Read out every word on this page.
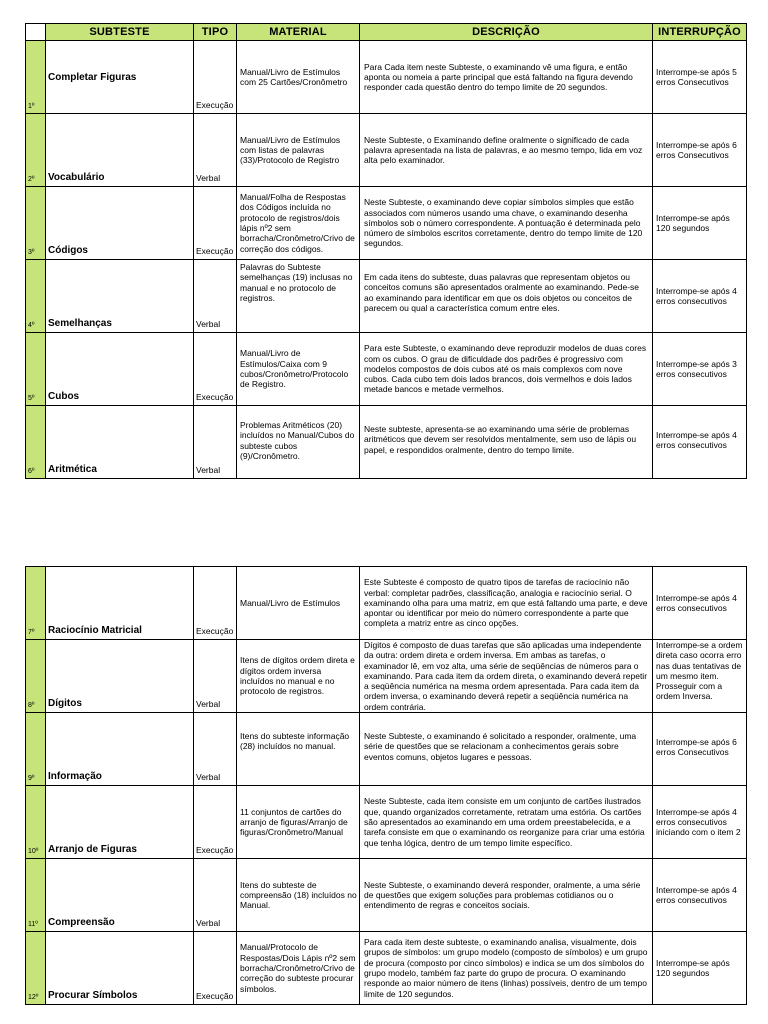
	SUBTESTE	TIPO	MATERIAL	DESCRIÇÃO	INTERRUPÇÃO
1º	Completar Figuras	Execução	Manual/Livro de Estímulos com 25 Cartões/Cronômetro	Para Cada item neste Subteste, o examinando vê uma figura, e então aponta ou nomeia a parte principal que está faltando na figura devendo responder cada questão dentro do tempo limite de 20 segundos.	Interrompe-se após 5 erros Consecutivos
2º	Vocabulário	Verbal	Manual/Livro de Estímulos com listas de palavras (33)/Protocolo de Registro	Neste Subteste, o Examinando define oralmente o significado de cada palavra apresentada na lista de palavras, e ao mesmo tempo, lida em voz alta pelo examinador.	Interrompe-se após 6 erros Consecutivos
3º	Códigos	Execução	Manual/Folha de Respostas dos Códigos incluída no protocolo de registros/dois lápis nº2 sem borracha/Cronômetro/Crivo de correção dos códigos.	Neste Subteste, o examinando deve copiar símbolos simples que estão associados com números usando uma chave, o examinando desenha símbolos sob o número correspondente. A pontuação é determinada pelo número de símbolos escritos corretamente, dentro do tempo limite de 120 segundos.	Interrompe-se após 120 segundos
4º	Semelhanças	Verbal	Palavras do Subteste semelhanças (19) inclusas no manual e no protocolo de registros.	Em cada itens do subteste, duas palavras que representam objetos ou conceitos comuns são apresentados oralmente ao examinando. Pede-se ao examinando para identificar em que os dois objetos ou conceitos de parecem ou qual a característica comum entre eles.	Interrompe-se após 4 erros consecutivos
5º	Cubos	Execução	Manual/Livro de Estímulos/Caixa com 9 cubos/Cronômetro/Protocolo de Registro.	Para este Subteste, o examinando deve reproduzir modelos de duas cores com os cubos. O grau de dificuldade dos padrões é progressivo com modelos compostos de dois cubos até os mais complexos com nove cubos. Cada cubo tem dois lados brancos, dois vermelhos e dois lados metade bancos e metade vermelhos.	Interrompe-se após 3 erros consecutivos
6º	Aritmética	Verbal	Problemas Aritméticos (20) incluídos no Manual/Cubos do subteste cubos (9)/Cronômetro.	Neste subteste, apresenta-se ao examinando uma série de problemas aritméticos que devem ser resolvidos mentalmente, sem uso de lápis ou papel, e respondidos oralmente, dentro do tempo limite.	Interrompe-se após 4 erros consecutivos
7º	Raciocínio Matricial	Execução	Manual/Livro de Estímulos	Este Subteste é composto de quatro tipos de tarefas de raciocínio não verbal: completar padrões, classificação, analogia e raciocínio serial. O examinando olha para uma matriz, em que está faltando uma parte, e deve apontar ou identificar por meio do número correspondente a parte que completa a matriz entre as cinco opções.	Interrompe-se após 4 erros consecutivos
8º	Dígitos	Verbal	Itens de dígitos ordem direta e dígitos ordem inversa incluídos no manual e no protocolo de registros.	Dígitos é composto de duas tarefas que são aplicadas uma independente da outra: ordem direta e ordem inversa. Em ambas as tarefas, o examinador lê, em voz alta, uma série de seqüências de números para o examinando. Para cada item da ordem direta, o examinando deverá repetir a seqüência numérica na mesma ordem apresentada. Para cada item da ordem inversa, o examinando deverá repetir a seqüência numérica na ordem contrária.	Interrompe-se a ordem direta caso ocorra erro nas duas tentativas de um mesmo item. Prosseguir com a ordem Inversa.
9º	Informação	Verbal	Itens do subteste informação (28) incluídos no manual.	Neste Subteste, o examinando é solicitado a responder, oralmente, uma série de questões que se relacionam a conhecimentos gerais sobre eventos comuns, objetos lugares e pessoas.	Interrompe-se após 6 erros Consecutivos
10º	Arranjo de Figuras	Execução	11 conjuntos de cartões do arranjo de figuras/Arranjo de figuras/Cronômetro/Manual	Neste Subteste, cada item consiste em um conjunto de cartões ilustrados que, quando organizados corretamente, retratam uma estória. Os cartões são apresentados ao examinando em uma ordem preestabelecida, e a tarefa consiste em que o examinando os reorganize para criar uma estória que tenha lógica, dentro de um tempo limite específico.	Interrompe-se após 4 erros consecutivos iniciando com o item 2
11º	Compreensão	Verbal	Itens do subteste de compreensão (18) incluídos no Manual.	Neste Subteste, o examinando deverá responder, oralmente, a uma série de questões que exigem soluções para problemas cotidianos ou o entendimento de regras e conceitos sociais.	Interrompe-se após 4 erros consecutivos
12º	Procurar Símbolos	Execução	Manual/Protocolo de Respostas/Dois Lápis nº2 sem borracha/Cronômetro/Crivo de correção do subteste procurar símbolos.	Para cada item deste subteste, o examinando analisa, visualmente, dois grupos de símbolos: um grupo modelo (composto de símbolos) e um grupo de procura (composto por cinco símbolos) e indica se um dos símbolos do grupo modelo, também faz parte do grupo de procura. O examinando responde ao maior número de itens (linhas) possíveis, dentro de um tempo limite de 120 segundos.	Interrompe-se após 120 segundos
